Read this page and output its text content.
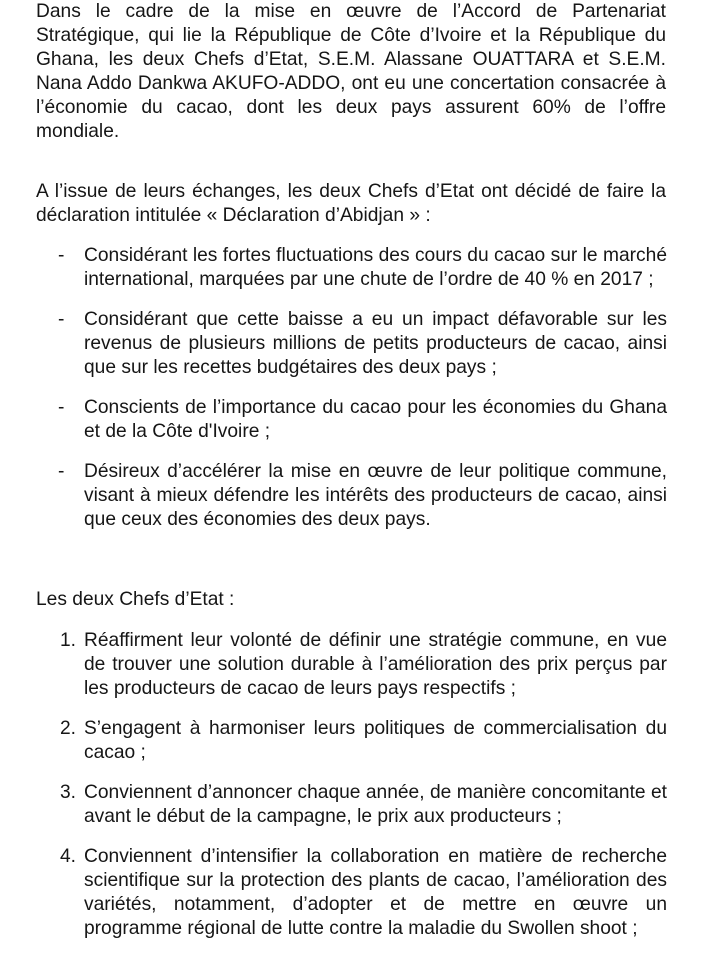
Dans le cadre de la mise en œuvre de l’Accord de Partenariat Stratégique, qui lie la République de Côte d’Ivoire et la République du Ghana, les deux Chefs d’Etat, S.E.M. Alassane OUATTARA et S.E.M. Nana Addo Dankwa AKUFO-ADDO, ont eu une concertation consacrée à l’économie du cacao, dont les deux pays assurent 60% de l’offre mondiale.

A l’issue de leurs échanges, les deux Chefs d’Etat ont décidé de faire la déclaration intitulée « Déclaration d’Abidjan » :

-	Considérant les fortes fluctuations des cours du cacao sur le marché international, marquées par une chute de l’ordre de 40 % en 2017 ;
-	Considérant que cette baisse a eu un impact défavorable sur les revenus de plusieurs millions de petits producteurs de cacao, ainsi que sur les recettes budgétaires des deux pays ;
-	Conscients de l’importance du cacao pour les économies du Ghana et de la Côte d'Ivoire ;
-	Désireux d’accélérer la mise en œuvre de leur politique commune, visant à mieux défendre les intérêts des producteurs de cacao, ainsi que ceux des économies des deux pays.

Les deux Chefs d’Etat :

1. Réaffirment leur volonté de définir une stratégie commune, en vue de trouver une solution durable à l’amélioration des prix perçus par les producteurs de cacao de leurs pays respectifs ;
2. S’engagent à harmoniser leurs politiques de commercialisation du cacao ;
3. Conviennent d’annoncer chaque année, de manière concomitante et avant le début de la campagne, le prix aux producteurs ;
4. Conviennent d’intensifier la collaboration en matière de recherche scientifique sur la protection des plants de cacao, l’amélioration des variétés, notamment, d’adopter et de mettre en œuvre un programme régional de lutte contre la maladie du Swollen shoot ;
